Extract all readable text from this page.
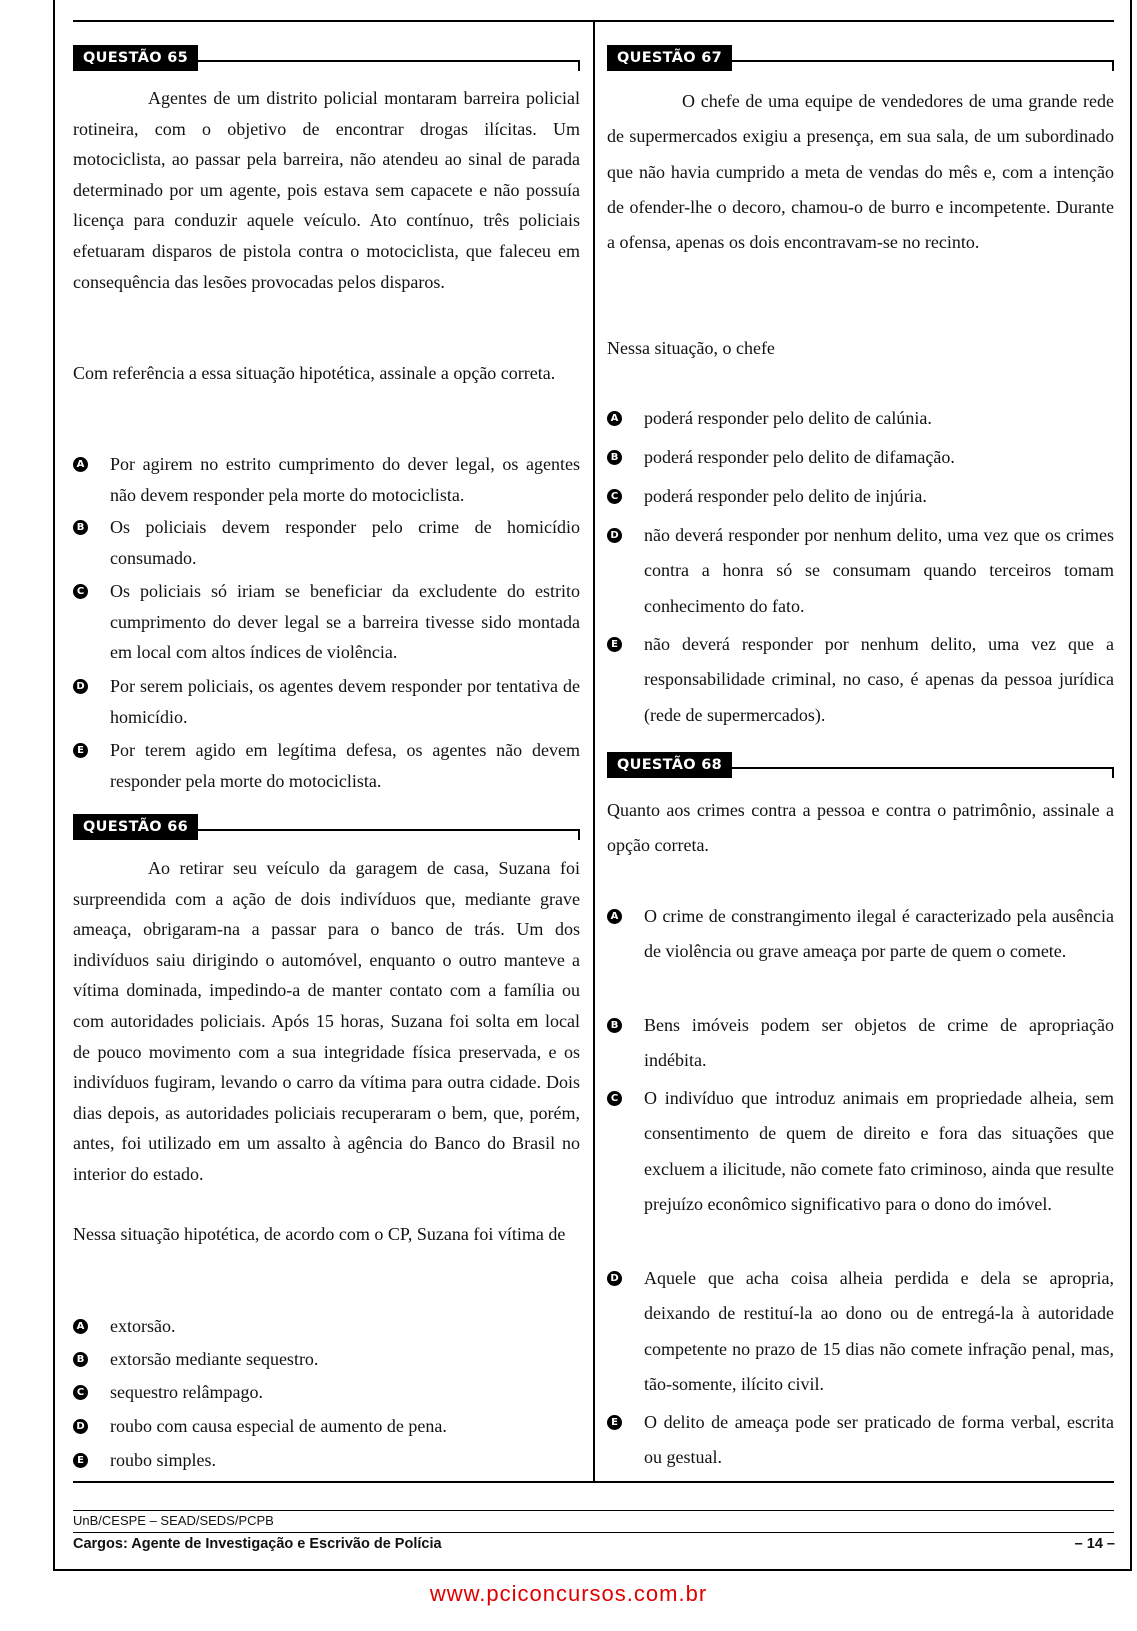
QUESTÃO 65
Agentes de um distrito policial montaram barreira policial rotineira, com o objetivo de encontrar drogas ilícitas. Um motociclista, ao passar pela barreira, não atendeu ao sinal de parada determinado por um agente, pois estava sem capacete e não possuía licença para conduzir aquele veículo. Ato contínuo, três policiais efetuaram disparos de pistola contra o motociclista, que faleceu em consequência das lesões provocadas pelos disparos.
Com referência a essa situação hipotética, assinale a opção correta.
A Por agirem no estrito cumprimento do dever legal, os agentes não devem responder pela morte do motociclista.
B Os policiais devem responder pelo crime de homicídio consumado.
C Os policiais só iriam se beneficiar da excludente do estrito cumprimento do dever legal se a barreira tivesse sido montada em local com altos índices de violência.
D Por serem policiais, os agentes devem responder por tentativa de homicídio.
E Por terem agido em legítima defesa, os agentes não devem responder pela morte do motociclista.
QUESTÃO 66
Ao retirar seu veículo da garagem de casa, Suzana foi surpreendida com a ação de dois indivíduos que, mediante grave ameaça, obrigaram-na a passar para o banco de trás. Um dos indivíduos saiu dirigindo o automóvel, enquanto o outro manteve a vítima dominada, impedindo-a de manter contato com a família ou com autoridades policiais. Após 15 horas, Suzana foi solta em local de pouco movimento com a sua integridade física preservada, e os indivíduos fugiram, levando o carro da vítima para outra cidade. Dois dias depois, as autoridades policiais recuperaram o bem, que, porém, antes, foi utilizado em um assalto à agência do Banco do Brasil no interior do estado.
Nessa situação hipotética, de acordo com o CP, Suzana foi vítima de
A extorsão.
B extorsão mediante sequestro.
C sequestro relâmpago.
D roubo com causa especial de aumento de pena.
E roubo simples.
QUESTÃO 67
O chefe de uma equipe de vendedores de uma grande rede de supermercados exigiu a presença, em sua sala, de um subordinado que não havia cumprido a meta de vendas do mês e, com a intenção de ofender-lhe o decoro, chamou-o de burro e incompetente. Durante a ofensa, apenas os dois encontravam-se no recinto.
Nessa situação, o chefe
A poderá responder pelo delito de calúnia.
B poderá responder pelo delito de difamação.
C poderá responder pelo delito de injúria.
D não deverá responder por nenhum delito, uma vez que os crimes contra a honra só se consumam quando terceiros tomam conhecimento do fato.
E não deverá responder por nenhum delito, uma vez que a responsabilidade criminal, no caso, é apenas da pessoa jurídica (rede de supermercados).
QUESTÃO 68
Quanto aos crimes contra a pessoa e contra o patrimônio, assinale a opção correta.
A O crime de constrangimento ilegal é caracterizado pela ausência de violência ou grave ameaça por parte de quem o comete.
B Bens imóveis podem ser objetos de crime de apropriação indébita.
C O indivíduo que introduz animais em propriedade alheia, sem consentimento de quem de direito e fora das situações que excluem a ilicitude, não comete fato criminoso, ainda que resulte prejuízo econômico significativo para o dono do imóvel.
D Aquele que acha coisa alheia perdida e dela se apropria, deixando de restituí-la ao dono ou de entregá-la à autoridade competente no prazo de 15 dias não comete infração penal, mas, tão-somente, ilícito civil.
E O delito de ameaça pode ser praticado de forma verbal, escrita ou gestual.
UnB/CESPE – SEAD/SEDS/PCPB
Cargos: Agente de Investigação e Escrivão de Polícia	– 14 –
www.pciconcursos.com.br
